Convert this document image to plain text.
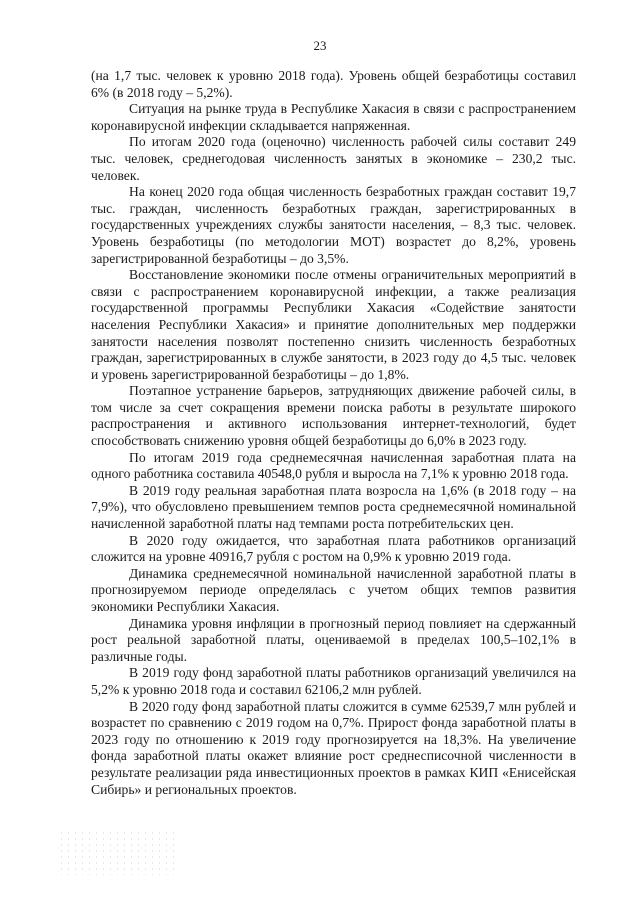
23

(на 1,7 тыс. человек к уровню 2018 года). Уровень общей безработицы составил 6% (в 2018 году – 5,2%).

Ситуация на рынке труда в Республике Хакасия в связи с распространением коронавирусной инфекции складывается напряженная.

По итогам 2020 года (оценочно) численность рабочей силы составит 249 тыс. человек, среднегодовая численность занятых в экономике – 230,2 тыс. человек.

На конец 2020 года общая численность безработных граждан составит 19,7 тыс. граждан, численность безработных граждан, зарегистрированных в государственных учреждениях службы занятости населения, – 8,3 тыс. человек. Уровень безработицы (по методологии МОТ) возрастет до 8,2%, уровень зарегистрированной безработицы – до 3,5%.

Восстановление экономики после отмены ограничительных мероприятий в связи с распространением коронавирусной инфекции, а также реализация государственной программы Республики Хакасия «Содействие занятости населения Республики Хакасия» и принятие дополнительных мер поддержки занятости населения позволят постепенно снизить численность безработных граждан, зарегистрированных в службе занятости, в 2023 году до 4,5 тыс. человек и уровень зарегистрированной безработицы – до 1,8%.

Поэтапное устранение барьеров, затрудняющих движение рабочей силы, в том числе за счет сокращения времени поиска работы в результате широкого распространения и активного использования интернет-технологий, будет способствовать снижению уровня общей безработицы до 6,0% в 2023 году.

По итогам 2019 года среднемесячная начисленная заработная плата на одного работника составила 40548,0 рубля и выросла на 7,1% к уровню 2018 года.

В 2019 году реальная заработная плата возросла на 1,6% (в 2018 году – на 7,9%), что обусловлено превышением темпов роста среднемесячной номинальной начисленной заработной платы над темпами роста потребительских цен.

В 2020 году ожидается, что заработная плата работников организаций сложится на уровне 40916,7 рубля с ростом на 0,9% к уровню 2019 года.

Динамика среднемесячной номинальной начисленной заработной платы в прогнозируемом периоде определялась с учетом общих темпов развития экономики Республики Хакасия.

Динамика уровня инфляции в прогнозный период повлияет на сдержанный рост реальной заработной платы, оцениваемой в пределах 100,5–102,1% в различные годы.

В 2019 году фонд заработной платы работников организаций увеличился на 5,2% к уровню 2018 года и составил 62106,2 млн рублей.

В 2020 году фонд заработной платы сложится в сумме 62539,7 млн рублей и возрастет по сравнению с 2019 годом на 0,7%. Прирост фонда заработной платы в 2023 году по отношению к 2019 году прогнозируется на 18,3%. На увеличение фонда заработной платы окажет влияние рост среднесписочной численности в результате реализации ряда инвестиционных проектов в рамках КИП «Енисейская Сибирь» и региональных проектов.
